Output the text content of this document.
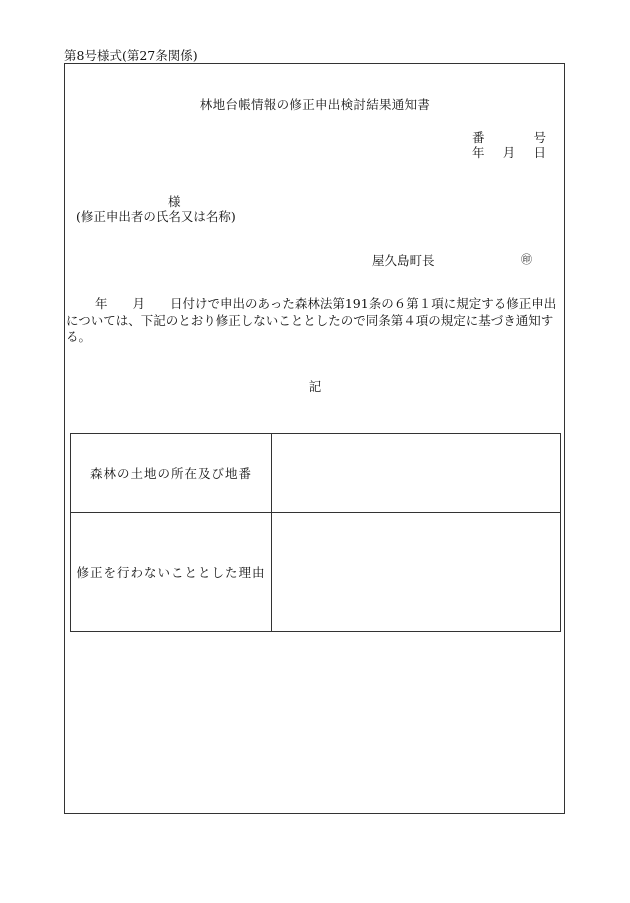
第8号様式(第27条関係)
林地台帳情報の修正申出検討結果通知書
番	号
年 月 日
様
(修正申出者の氏名又は名称)
屋久島町長	㊞
　　 年　　月　　日付けで申出のあった森林法第191条の６第１項に規定する修正申出については、下記のとおり修正しないこととしたので同条第４項の規定に基づき通知する。
記
森林の土地の所在及び地番	
修正を行わないこととした理由	
